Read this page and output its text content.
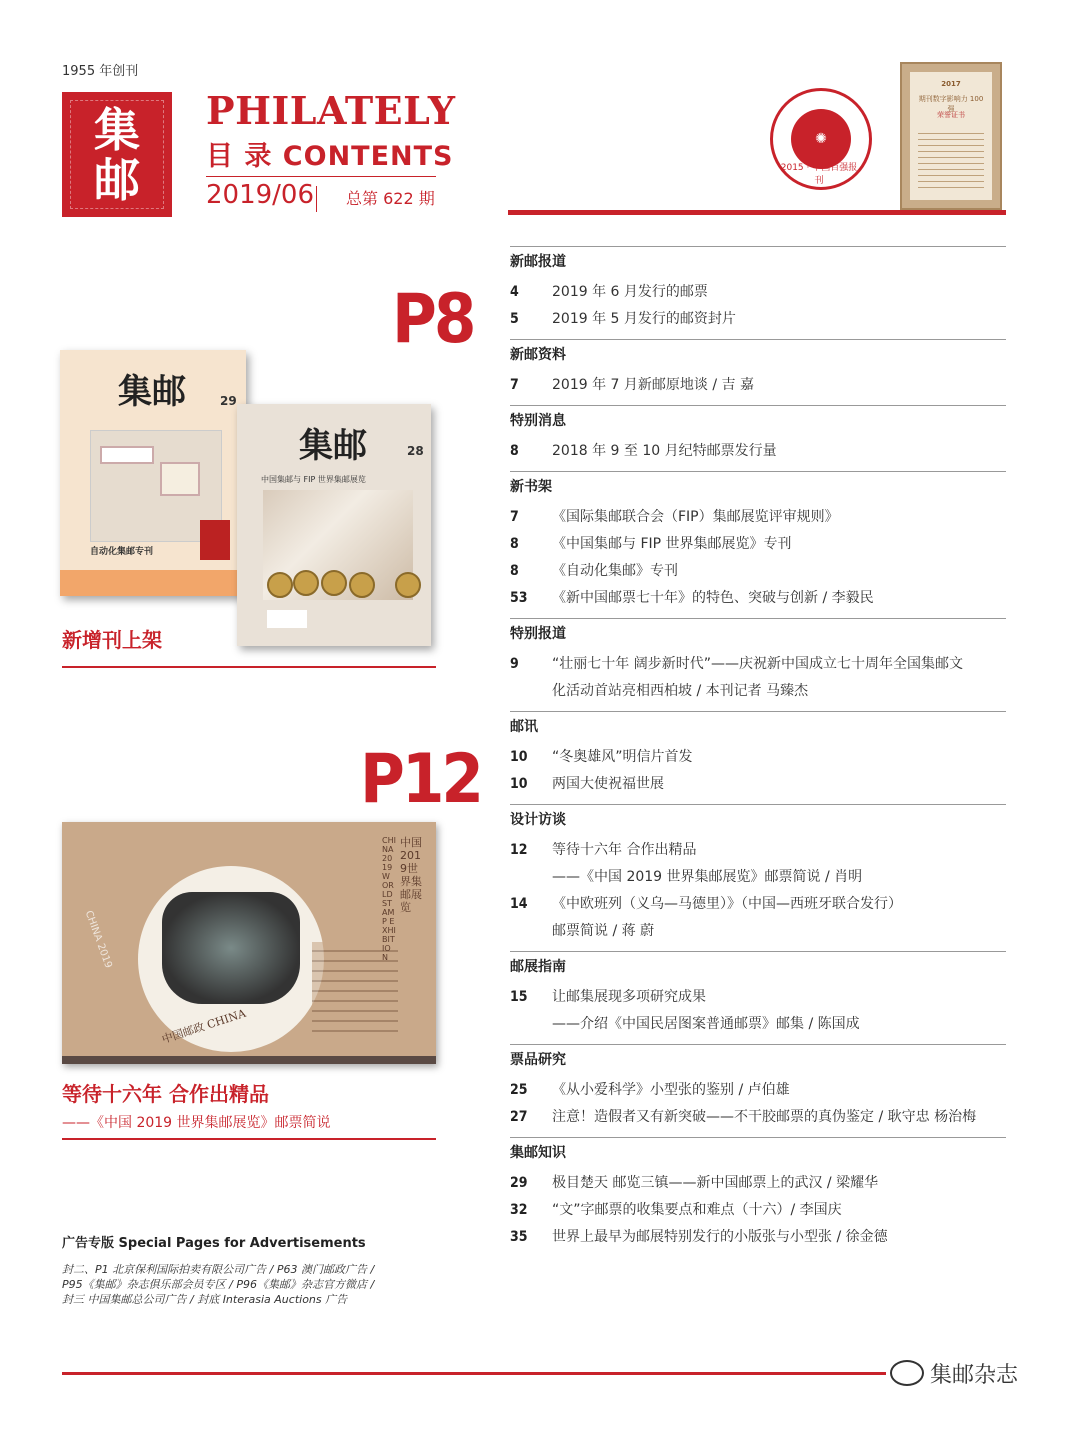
1955 年创刊
集
邮
PHILATELY
目 录 CONTENTS
2019/06 总第 622 期
✺
2015 · 中国百强报刊
2017
期刊数字影响力 100 强
荣誉证书
P8
集邮	29
自动化集邮专刊
集邮	28
中国集邮与 FIP 世界集邮展览
新增刊上架
P12
CHINA 2019
中国邮政 CHINA
CHINA 2019 WORLD STAMP EXHIBITION
中国2019世界集邮展览
等待十六年 合作出精品
——《中国 2019 世界集邮展览》邮票简说
广告专版 Special Pages for Advertisements
封二、P1 北京保利国际拍卖有限公司广告 / P63 澳门邮政广告 /
P95《集邮》杂志俱乐部会员专区 / P96《集邮》杂志官方微店 /
封三 中国集邮总公司广告 / 封底 Interasia Auctions 广告
新邮报道
4	2019 年 6 月发行的邮票
5	2019 年 5 月发行的邮资封片
新邮资料
7	2019 年 7 月新邮原地谈 / 吉 嘉
特别消息
8	2018 年 9 至 10 月纪特邮票发行量
新书架
7	《国际集邮联合会（FIP）集邮展览评审规则》
8	《中国集邮与 FIP 世界集邮展览》专刊
8	《自动化集邮》专刊
53	《新中国邮票七十年》的特色、突破与创新 / 李毅民
特别报道
9	“壮丽七十年 阔步新时代”——庆祝新中国成立七十周年全国集邮文
化活动首站亮相西柏坡 / 本刊记者 马臻杰
邮讯
10	“冬奥雄风”明信片首发
10	两国大使祝福世展
设计访谈
12	等待十六年 合作出精品
——《中国 2019 世界集邮展览》邮票简说 / 肖明
14	《中欧班列（义乌—马德里）》（中国—西班牙联合发行）
邮票简说 / 蒋 蔚
邮展指南
15	让邮集展现多项研究成果
——介绍《中国民居图案普通邮票》邮集 / 陈国成
票品研究
25	《从小爱科学》小型张的鉴别 / 卢伯雄
27	注意！造假者又有新突破——不干胶邮票的真伪鉴定 / 耿守忠 杨治梅
集邮知识
29	极目楚天 邮览三镇——新中国邮票上的武汉 / 梁耀华
32	“文”字邮票的收集要点和难点（十六）/ 李国庆
35	世界上最早为邮展特别发行的小版张与小型张 / 徐金德
集邮杂志
